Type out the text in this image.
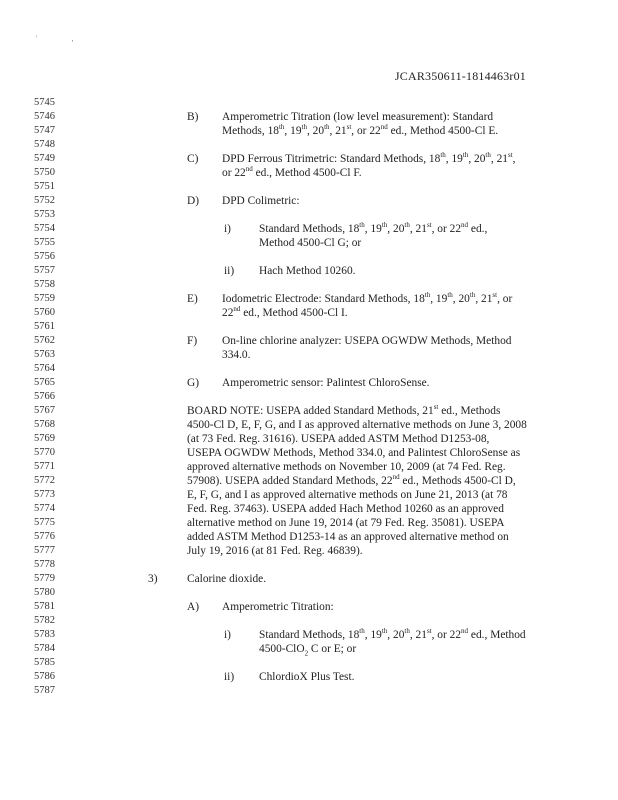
'	,
JCAR350611-1814463r01
5745
5746
5747
5748
5749
5750
5751
5752
5753
5754
5755
5756
5757
5758
5759
5760
5761
5762
5763
5764
5765
5766
5767
5768
5769
5770
5771
5772
5773
5774
5775
5776
5777
5778
5779
5780
5781
5782
5783
5784
5785
5786
5787
B) Amperometric Titration (low level measurement): Standard
Methods, 18th, 19th, 20th, 21st, or 22nd ed., Method 4500-Cl E.
C) DPD Ferrous Titrimetric: Standard Methods, 18th, 19th, 20th, 21st,
or 22nd ed., Method 4500-Cl F.
D) DPD Colimetric:
i) Standard Methods, 18th, 19th, 20th, 21st, or 22nd ed.,
Method 4500-Cl G; or
ii) Hach Method 10260.
E) Iodometric Electrode: Standard Methods, 18th, 19th, 20th, 21st, or
22nd ed., Method 4500-Cl I.
F) On-line chlorine analyzer: USEPA OGWDW Methods, Method
334.0.
G) Amperometric sensor: Palintest ChloroSense.
BOARD NOTE: USEPA added Standard Methods, 21st ed., Methods
4500-Cl D, E, F, G, and I as approved alternative methods on June 3, 2008
(at 73 Fed. Reg. 31616). USEPA added ASTM Method D1253-08,
USEPA OGWDW Methods, Method 334.0, and Palintest ChloroSense as
approved alternative methods on November 10, 2009 (at 74 Fed. Reg.
57908). USEPA added Standard Methods, 22nd ed., Methods 4500-Cl D,
E, F, G, and I as approved alternative methods on June 21, 2013 (at 78
Fed. Reg. 37463). USEPA added Hach Method 10260 as an approved
alternative method on June 19, 2014 (at 79 Fed. Reg. 35081). USEPA
added ASTM Method D1253-14 as an approved alternative method on
July 19, 2016 (at 81 Fed. Reg. 46839).
3)	Calorine dioxide.
A) Amperometric Titration:
i) Standard Methods, 18th, 19th, 20th, 21st, or 22nd ed., Method
4500-ClO$_2$ C or E; or
ii) ChlordioX Plus Test.
